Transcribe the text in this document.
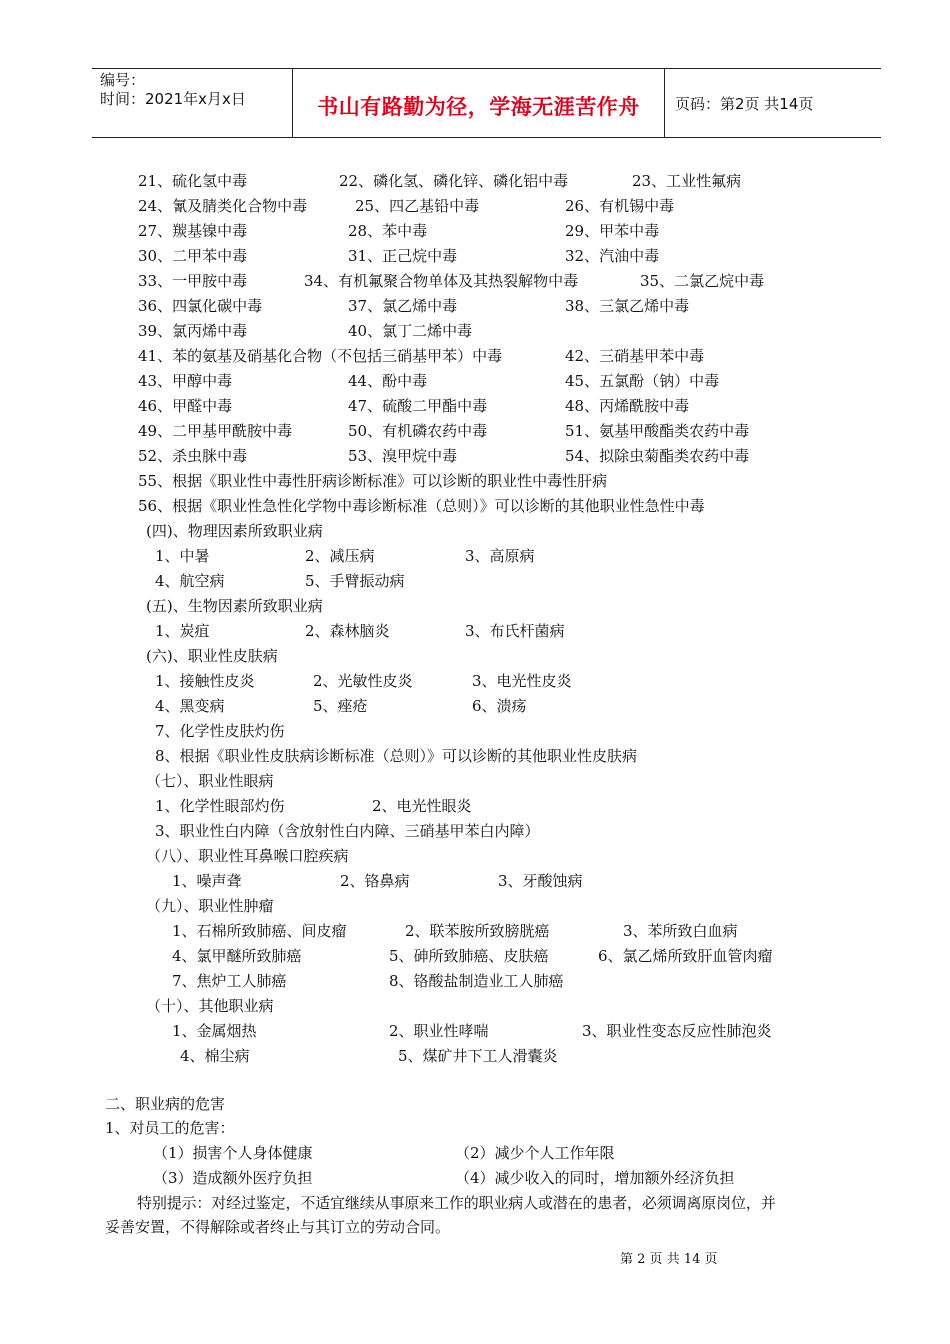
编号：
时间：2021年x月x日	书山有路勤为径，学海无涯苦作舟	页码：第2页 共14页
21、硫化氢中毒	22、磷化氢、磷化锌、磷化铝中毒	23、工业性氟病
24、氰及腈类化合物中毒	25、四乙基铅中毒	26、有机锡中毒
27、羰基镍中毒	28、苯中毒	29、甲苯中毒
30、二甲苯中毒	31、正己烷中毒	32、汽油中毒
33、一甲胺中毒	34、有机氟聚合物单体及其热裂解物中毒	35、二氯乙烷中毒
36、四氯化碳中毒	37、氯乙烯中毒	38、三氯乙烯中毒
39、氯丙烯中毒	40、氯丁二烯中毒
41、苯的氨基及硝基化合物（不包括三硝基甲苯）中毒	42、三硝基甲苯中毒
43、甲醇中毒	44、酚中毒	45、五氯酚（钠）中毒
46、甲醛中毒	47、硫酸二甲酯中毒	48、丙烯酰胺中毒
49、二甲基甲酰胺中毒	50、有机磷农药中毒	51、氨基甲酸酯类农药中毒
52、杀虫脒中毒	53、溴甲烷中毒	54、拟除虫菊酯类农药中毒
55、根据《职业性中毒性肝病诊断标准》可以诊断的职业性中毒性肝病
56、根据《职业性急性化学物中毒诊断标准（总则）》可以诊断的其他职业性急性中毒
(四)、物理因素所致职业病
1、中暑	2、减压病	3、高原病
4、航空病	5、手臂振动病
(五)、生物因素所致职业病
1、炭疽	2、森林脑炎	3、布氏杆菌病
(六)、职业性皮肤病
1、接触性皮炎	2、光敏性皮炎	3、电光性皮炎
4、黑变病	5、痤疮	6、溃疡
7、化学性皮肤灼伤
8、根据《职业性皮肤病诊断标准（总则）》可以诊断的其他职业性皮肤病
（七）、职业性眼病
1、化学性眼部灼伤	2、电光性眼炎
3、职业性白内障（含放射性白内障、三硝基甲苯白内障）
（八）、职业性耳鼻喉口腔疾病
1、噪声聋	2、铬鼻病	3、牙酸蚀病
（九）、职业性肿瘤
1、石棉所致肺癌、间皮瘤	2、联苯胺所致膀胱癌	3、苯所致白血病
4、氯甲醚所致肺癌	5、砷所致肺癌、皮肤癌	6、氯乙烯所致肝血管肉瘤
7、焦炉工人肺癌	8、铬酸盐制造业工人肺癌
（十）、其他职业病
1、金属烟热	2、职业性哮喘	3、职业性变态反应性肺泡炎
4、棉尘病	5、煤矿井下工人滑囊炎
二、职业病的危害
1、对员工的危害：
（1）损害个人身体健康	（2）减少个人工作年限
（3）造成额外医疗负担	（4）减少收入的同时，增加额外经济负担
特别提示：对经过鉴定，不适宜继续从事原来工作的职业病人或潜在的患者，必须调离原岗位，并
妥善安置，不得解除或者终止与其订立的劳动合同。
第 2 页 共 14 页
